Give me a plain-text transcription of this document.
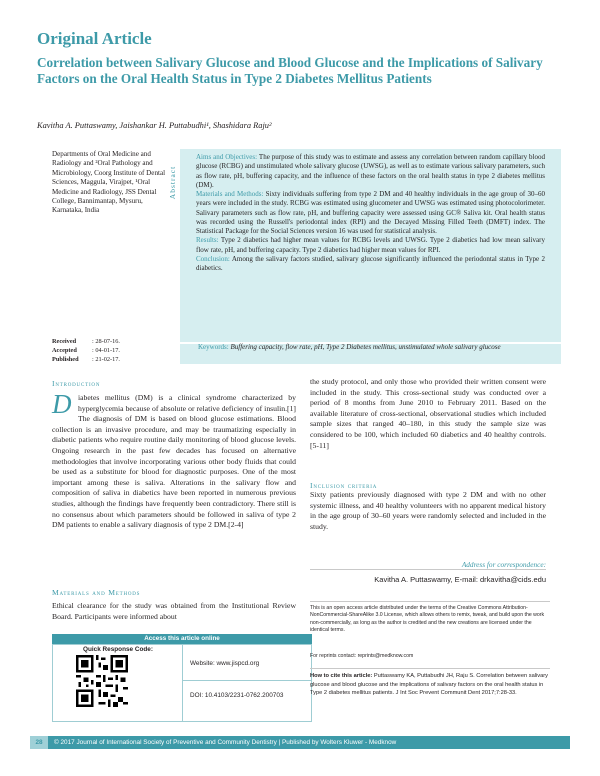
Original Article
Correlation between Salivary Glucose and Blood Glucose and the Implications of Salivary Factors on the Oral Health Status in Type 2 Diabetes Mellitus Patients
Kavitha A. Puttaswamy, Jaishankar H. Puttabudhi¹, Shashidara Raju²
Departments of Oral Medicine and Radiology and ²Oral Pathology and Microbiology, Coorg Institute of Dental Sciences, Maggula, Virajpet, ¹Oral Medicine and Radiology, JSS Dental College, Bannimantap, Mysuru, Karnataka, India
Received	: 28-07-16.
Accepted : 04-01-17.
Published : 21-02-17.
Abstract

Aims and Objectives: The purpose of this study was to estimate and assess any correlation between random capillary blood glucose (RCBG) and unstimulated whole salivary glucose (UWSG), as well as to estimate various salivary parameters, such as flow rate, pH, buffering capacity, and the influence of these factors on the oral health status in type 2 diabetes mellitus (DM).

Materials and Methods: Sixty individuals suffering from type 2 DM and 40 healthy individuals in the age group of 30–60 years were included in the study. RCBG was estimated using glucometer and UWSG was estimated using photocolorimeter. Salivary parameters such as flow rate, pH, and buffering capacity were assessed using GC® Saliva kit. Oral health status was recorded using the Russell's periodontal index (RPI) and the Decayed Missing Filled Teeth (DMFT) index. The Statistical Package for the Social Sciences version 16 was used for statistical analysis.

Results: Type 2 diabetics had higher mean values for RCBG levels and UWSG. Type 2 diabetics had low mean salivary flow rate, pH, and buffering capacity. Type 2 diabetics had higher mean values for RPI.

Conclusion: Among the salivary factors studied, salivary glucose significantly influenced the periodontal status in Type 2 diabetics.

Keywords: Buffering capacity, flow rate, pH, Type 2 Diabetes mellitus, unstimulated whole salivary glucose
Introduction
Diabetes mellitus (DM) is a clinical syndrome characterized by hyperglycemia because of absolute or relative deficiency of insulin.[1] The diagnosis of DM is based on blood glucose estimations. Blood collection is an invasive procedure, and may be traumatizing especially in diabetic patients who require routine daily monitoring of blood glucose levels. Ongoing research in the past few decades has focused on alternative methodologies that involve incorporating various other body fluids that could be used as a substitute for blood for diagnostic purposes. One of the most important among these is saliva. Alterations in the salivary flow and composition of saliva in diabetics have been reported in numerous previous studies, although the findings have frequently been contradictory. There still is no consensus about which parameters should be followed in saliva of type 2 DM patients to enable a salivary diagnosis of type 2 DM.[2-4]
Materials and Methods
Ethical clearance for the study was obtained from the Institutional Review Board. Participants were informed about
the study protocol, and only those who provided their written consent were included in the study. This cross-sectional study was conducted over a period of 8 months from June 2010 to February 2011. Based on the available literature of cross-sectional, observational studies which included sample sizes that ranged 40–180, in this study the sample size was considered to be 100, which included 60 diabetics and 40 healthy controls.[5-11]
Inclusion criteria
Sixty patients previously diagnosed with type 2 DM and with no other systemic illness, and 40 healthy volunteers with no apparent medical history in the age group of 30–60 years were randomly selected and included in the study.
Address for correspondence:
Kavitha A. Puttaswamy, E-mail: drkavitha@cids.edu
Access this article online
Quick Response Code:
Website: www.jispcd.org
DOI: 10.4103/2231-0762.200703
This is an open access article distributed under the terms of the Creative Commons Attribution-NonCommercial-ShareAlike 3.0 License, which allows others to remix, tweak, and build upon the work non-commercially, as long as the author is credited and the new creations are licensed under the identical terms.
For reprints contact: reprints@medknow.com
How to cite this article: Puttaswamy KA, Puttabudhi JH, Raju S. Correlation between salivary glucose and blood glucose and the implications of salivary factors on the oral health status in Type 2 diabetes mellitus patients. J Int Soc Prevent Communit Dent 2017;7:28-33.
28 © 2017 Journal of International Society of Preventive and Community Dentistry | Published by Wolters Kluwer - Medknow
